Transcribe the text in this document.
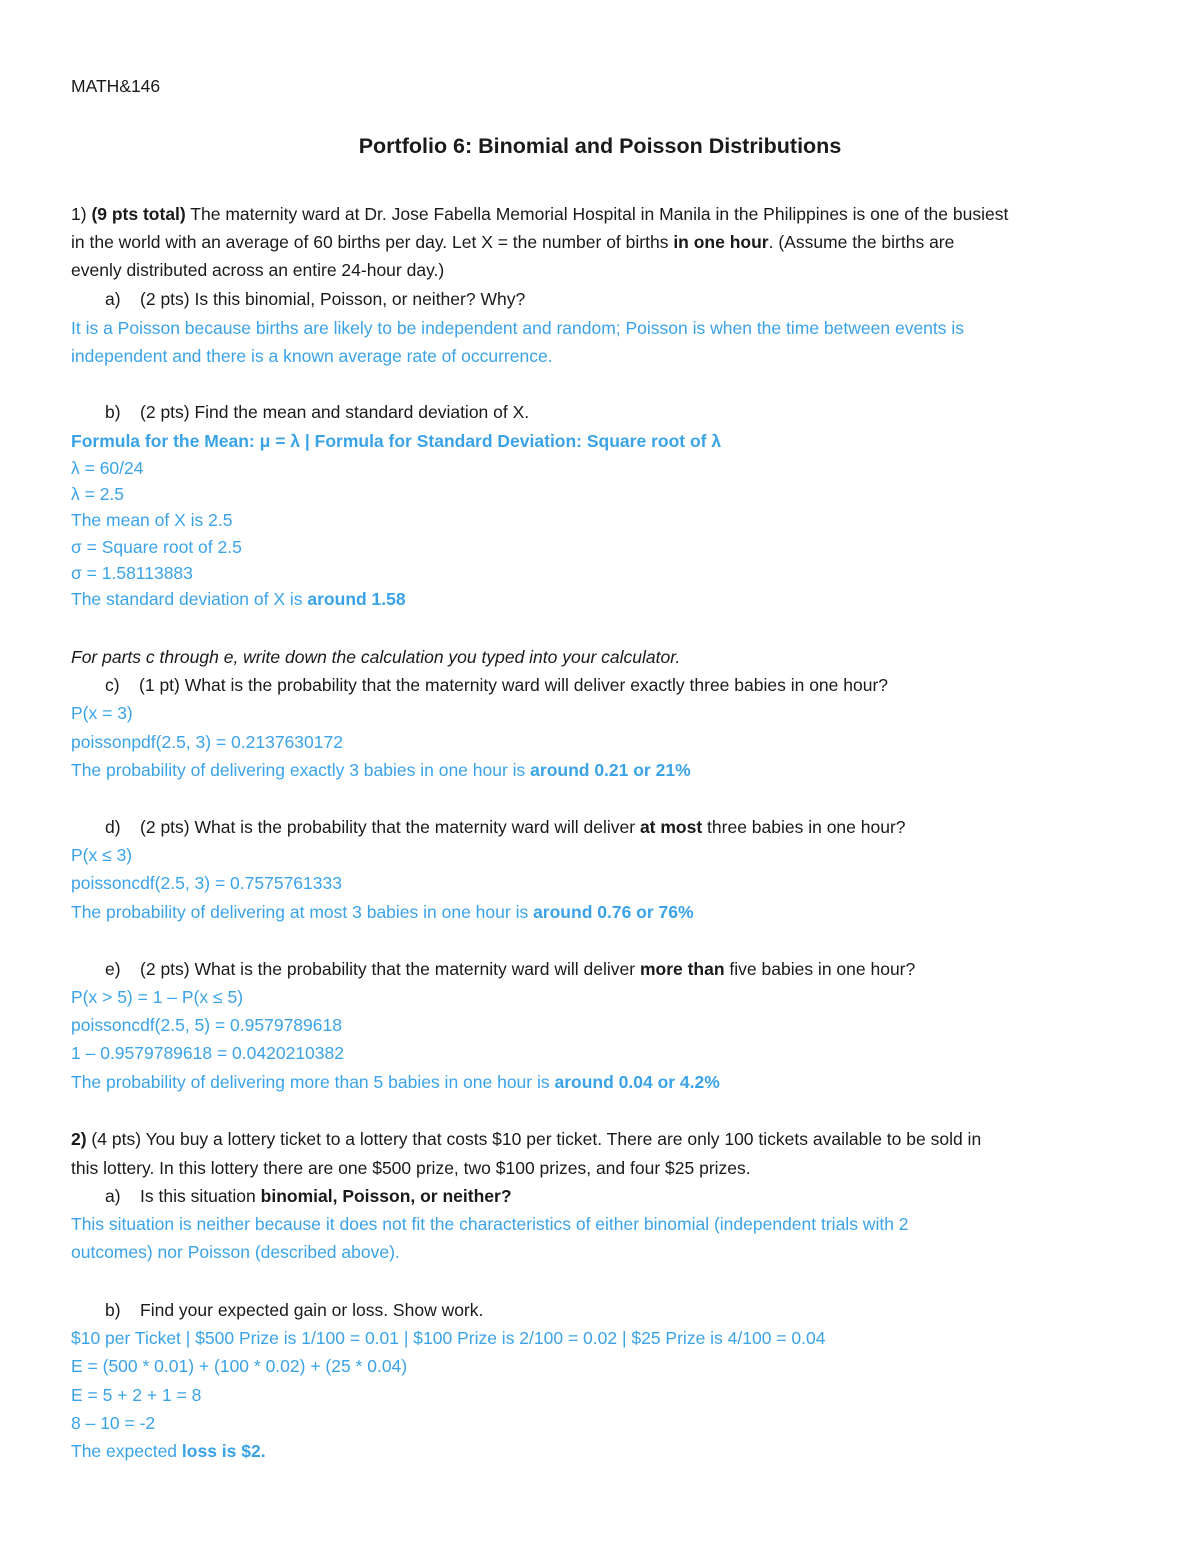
MATH&146

Portfolio 6: Binomial and Poisson Distributions

1) (9 pts total) The maternity ward at Dr. Jose Fabella Memorial Hospital in Manila in the Philippines is one of the busiest

in the world with an average of 60 births per day. Let X = the number of births in one hour. (Assume the births are

evenly distributed across an entire 24-hour day.)

a) (2 pts) Is this binomial, Poisson, or neither? Why?

It is a Poisson because births are likely to be independent and random; Poisson is when the time between events is

independent and there is a known average rate of occurrence.

b) (2 pts) Find the mean and standard deviation of X.

Formula for the Mean: μ = λ | Formula for Standard Deviation: Square root of λ

λ = 60/24

λ = 2.5

The mean of X is 2.5

σ = Square root of 2.5

σ = 1.58113883

The standard deviation of X is around 1.58

For parts c through e, write down the calculation you typed into your calculator.

c) (1 pt) What is the probability that the maternity ward will deliver exactly three babies in one hour?

P(x = 3)

poissonpdf(2.5, 3) = 0.2137630172

The probability of delivering exactly 3 babies in one hour is around 0.21 or 21%

d) (2 pts) What is the probability that the maternity ward will deliver at most three babies in one hour?

P(x ≤ 3)

poissoncdf(2.5, 3) = 0.7575761333

The probability of delivering at most 3 babies in one hour is around 0.76 or 76%

e) (2 pts) What is the probability that the maternity ward will deliver more than five babies in one hour?

P(x > 5) = 1 – P(x ≤ 5)

poissoncdf(2.5, 5) = 0.9579789618

1 – 0.9579789618 = 0.0420210382

The probability of delivering more than 5 babies in one hour is around 0.04 or 4.2%

2) (4 pts) You buy a lottery ticket to a lottery that costs $10 per ticket. There are only 100 tickets available to be sold in

this lottery. In this lottery there are one $500 prize, two $100 prizes, and four $25 prizes.

a) Is this situation binomial, Poisson, or neither?

This situation is neither because it does not fit the characteristics of either binomial (independent trials with 2

outcomes) nor Poisson (described above).

b) Find your expected gain or loss. Show work.

$10 per Ticket | $500 Prize is 1/100 = 0.01 | $100 Prize is 2/100 = 0.02 | $25 Prize is 4/100 = 0.04

E = (500 * 0.01) + (100 * 0.02) + (25 * 0.04)

E = 5 + 2 + 1 = 8

8 – 10 = -2

The expected loss is $2.
